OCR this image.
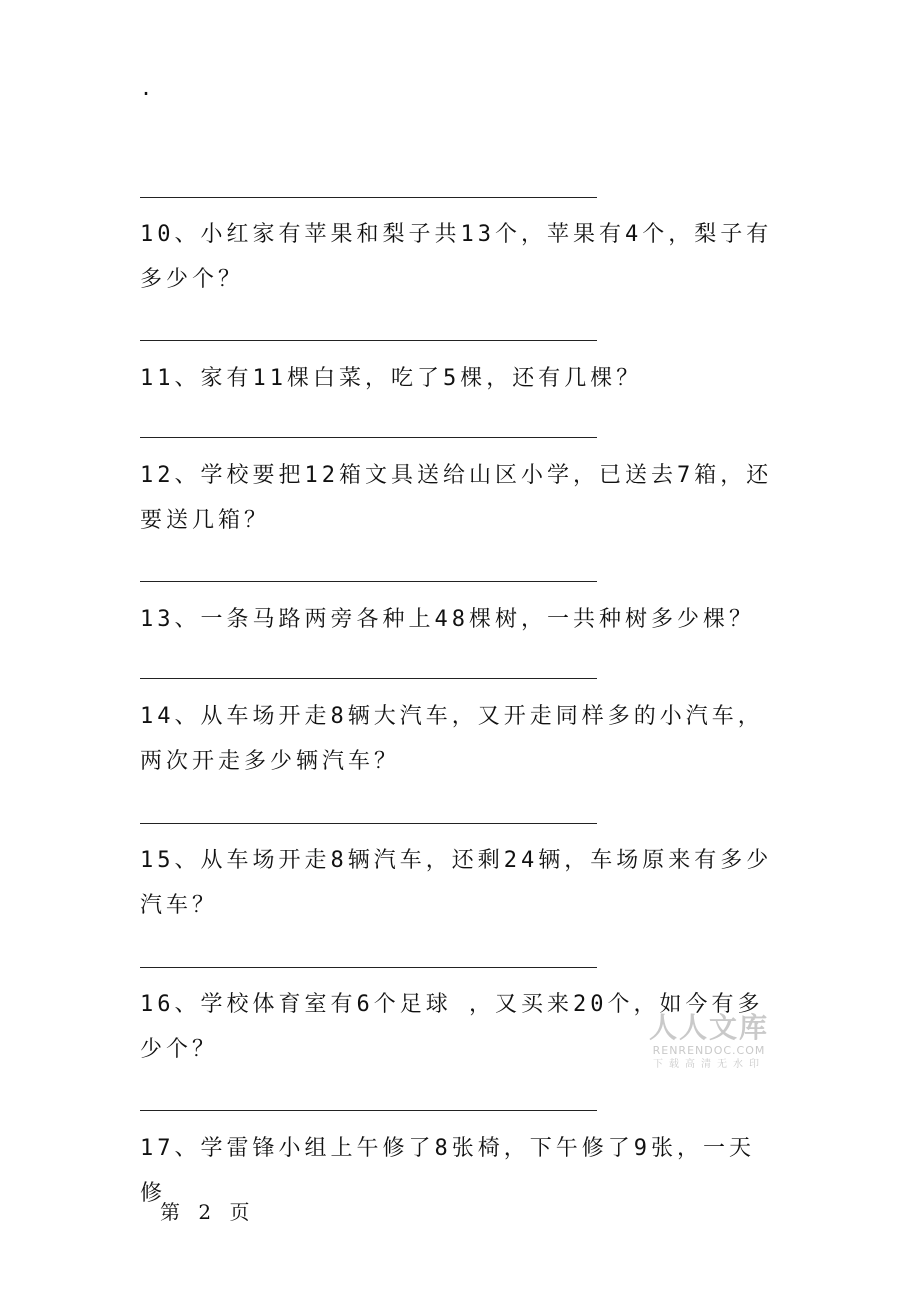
.
10、小红家有苹果和梨子共13个，苹果有4个，梨子有多少个？
11、家有11棵白菜，吃了5棵，还有几棵？
12、学校要把12箱文具送给山区小学，已送去7箱，还要送几箱？
13、一条马路两旁各种上48棵树，一共种树多少棵？
14、从车场开走8辆大汽车，又开走同样多的小汽车，两次开走多少辆汽车？
15、从车场开走8辆汽车，还剩24辆，车场原来有多少汽车？
16、学校体育室有6个足球 ，又买来20个，如今有多少个？
17、学雷锋小组上午修了8张椅，下午修了9张，一天修
第 2 页
人人文库
RENRENDOC.COM
下载高清无水印
